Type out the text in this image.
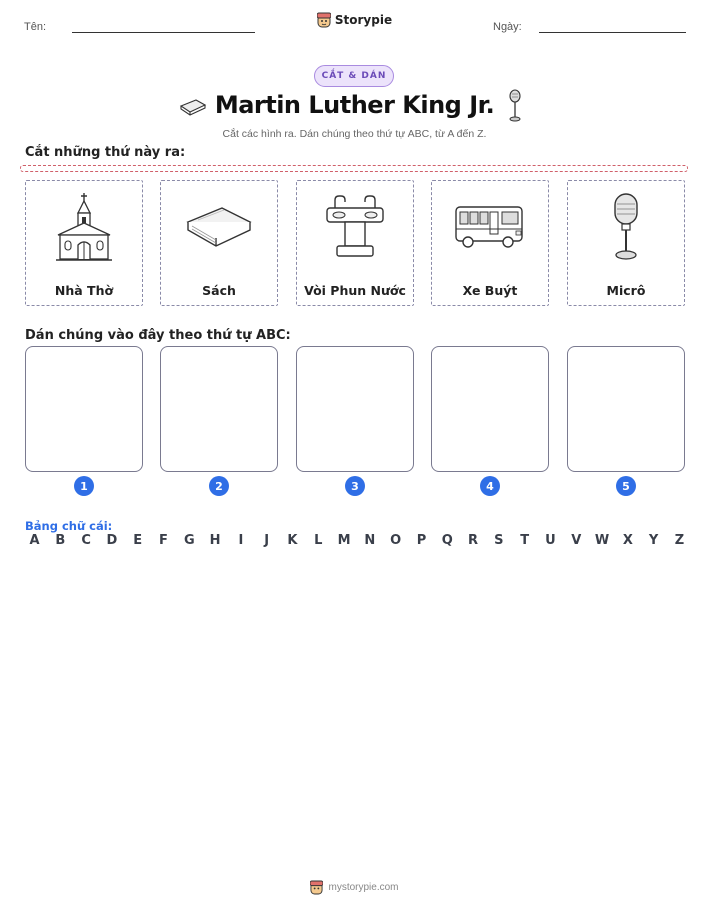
Tên:	Storypie	Ngày:
CẮT & DÁN
Martin Luther King Jr.
Cắt các hình ra. Dán chúng theo thứ tự ABC, từ A đến Z.
Cắt những thứ này ra:
Nhà Thờ	Sách	Vòi Phun Nước	Xe Buýt	Micrô
Dán chúng vào đây theo thứ tự ABC:
1	2	3	4	5
Bảng chữ cái:
A	B	C	D	E	F	G	H	I	J	K	L	M	N	O	P	Q	R	S	T	U	V	W	X	Y	Z
mystorypie.com
